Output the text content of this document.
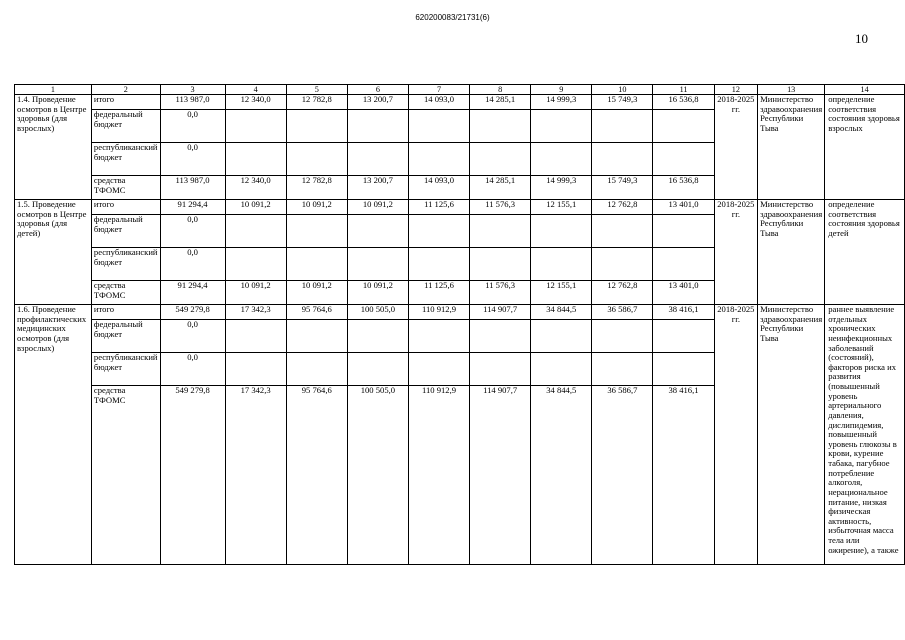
620200083/21731(6)
10
1	2	3	4	5	6	7	8	9	10	11	12	13	14
1.4. Проведение осмотров в Центре здоровья (для взрослых)	итого	113 987,0	12 340,0	12 782,8	13 200,7	14 093,0	14 285,1	14 999,3	15 749,3	16 536,8	2018-2025 гг.	Министерство здравоохранения Республики Тыва	определение соответствия состояния здоровья взрослых
	федеральный бюджет	0,0											
	республиканский бюджет	0,0											
	средства ТФОМС	113 987,0	12 340,0	12 782,8	13 200,7	14 093,0	14 285,1	14 999,3	15 749,3	16 536,8			
1.5. Проведение осмотров в Центре здоровья (для детей)	итого	91 294,4	10 091,2	10 091,2	10 091,2	11 125,6	11 576,3	12 155,1	12 762,8	13 401,0	2018-2025 гг.	Министерство здравоохранения Республики Тыва	определение соответствия состояния здоровья детей
	федеральный бюджет	0,0											
	республиканский бюджет	0,0											
	средства ТФОМС	91 294,4	10 091,2	10 091,2	10 091,2	11 125,6	11 576,3	12 155,1	12 762,8	13 401,0			
1.6. Проведение профилактических медицинских осмотров (для взрослых)	итого	549 279,8	17 342,3	95 764,6	100 505,0	110 912,9	114 907,7	34 844,5	36 586,7	38 416,1	2018-2025 гг.	Министерство здравоохранения Республики Тыва	раннее выявление отдельных хронических неинфекционных заболеваний (состояний), факторов риска их развития (повышенный уровень артериального давления, дислипидемия, повышенный уровень глюкозы в крови, курение табака, пагубное потребление алкоголя, нерациональное питание, низкая физическая активность, избыточная масса тела или ожирение), а также
	федеральный бюджет	0,0											
	республиканский бюджет	0,0											
	средства ТФОМС	549 279,8	17 342,3	95 764,6	100 505,0	110 912,9	114 907,7	34 844,5	36 586,7	38 416,1			
